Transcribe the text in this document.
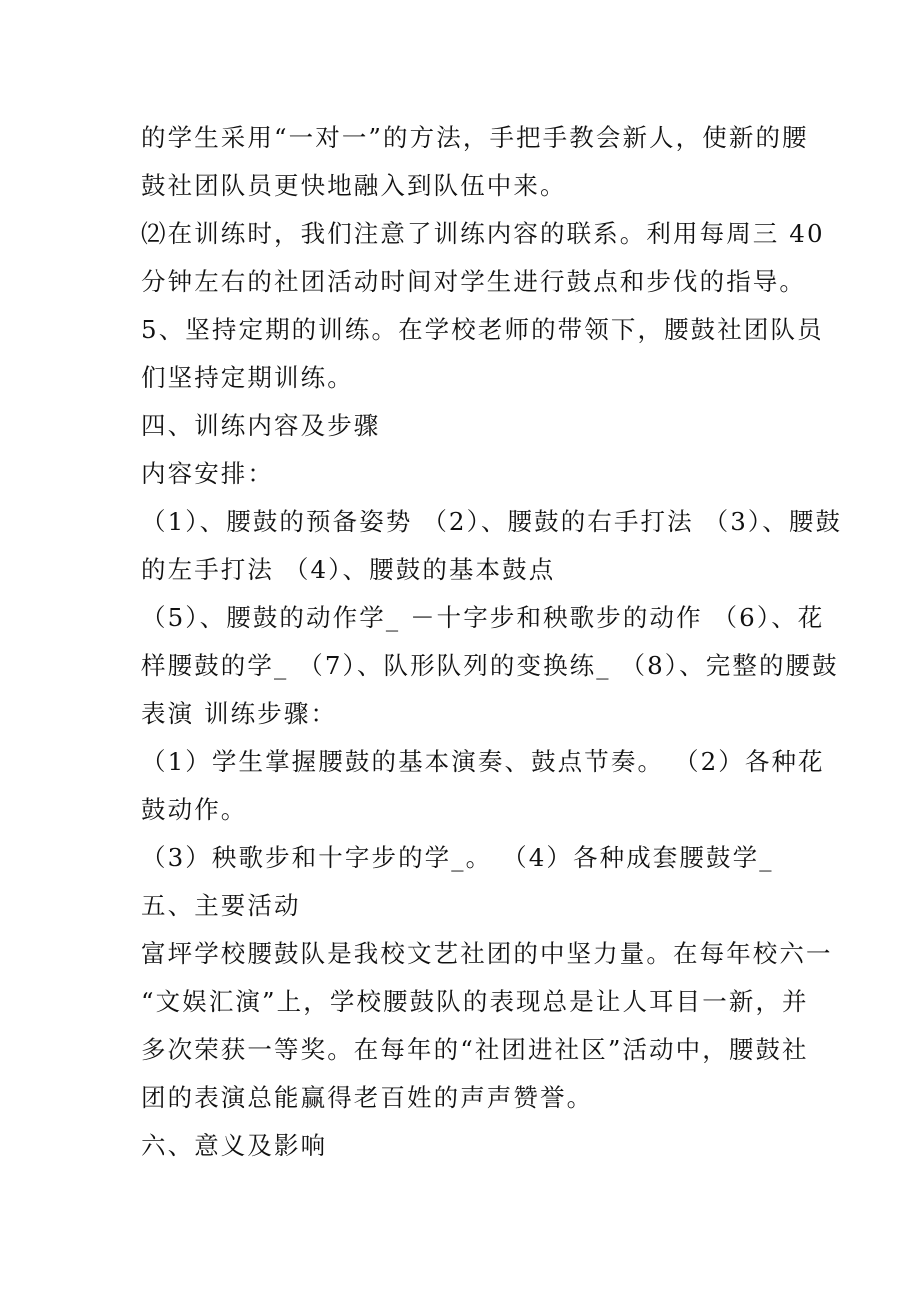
的学生采用“一对一”的方法，手把手教会新人，使新的腰
鼓社团队员更快地融入到队伍中来。
⑵在训练时，我们注意了训练内容的联系。利用每周三 40
分钟左右的社团活动时间对学生进行鼓点和步伐的指导。
5、坚持定期的训练。在学校老师的带领下，腰鼓社团队员
们坚持定期训练。
四、训练内容及步骤
内容安排：
（1）、腰鼓的预备姿势 （2）、腰鼓的右手打法 （3）、腰鼓
的左手打法 （4）、腰鼓的基本鼓点
（5）、腰鼓的动作学_ －十字步和秧歌步的动作 （6）、花
样腰鼓的学_ （7）、队形队列的变换练_ （8）、完整的腰鼓
表演 训练步骤：
（1）学生掌握腰鼓的基本演奏、鼓点节奏。 （2）各种花
鼓动作。
（3）秧歌步和十字步的学_。 （4）各种成套腰鼓学_
五、主要活动
富坪学校腰鼓队是我校文艺社团的中坚力量。在每年校六一
“文娱汇演”上，学校腰鼓队的表现总是让人耳目一新，并
多次荣获一等奖。在每年的“社团进社区”活动中，腰鼓社
团的表演总能赢得老百姓的声声赞誉。
六、意义及影响
